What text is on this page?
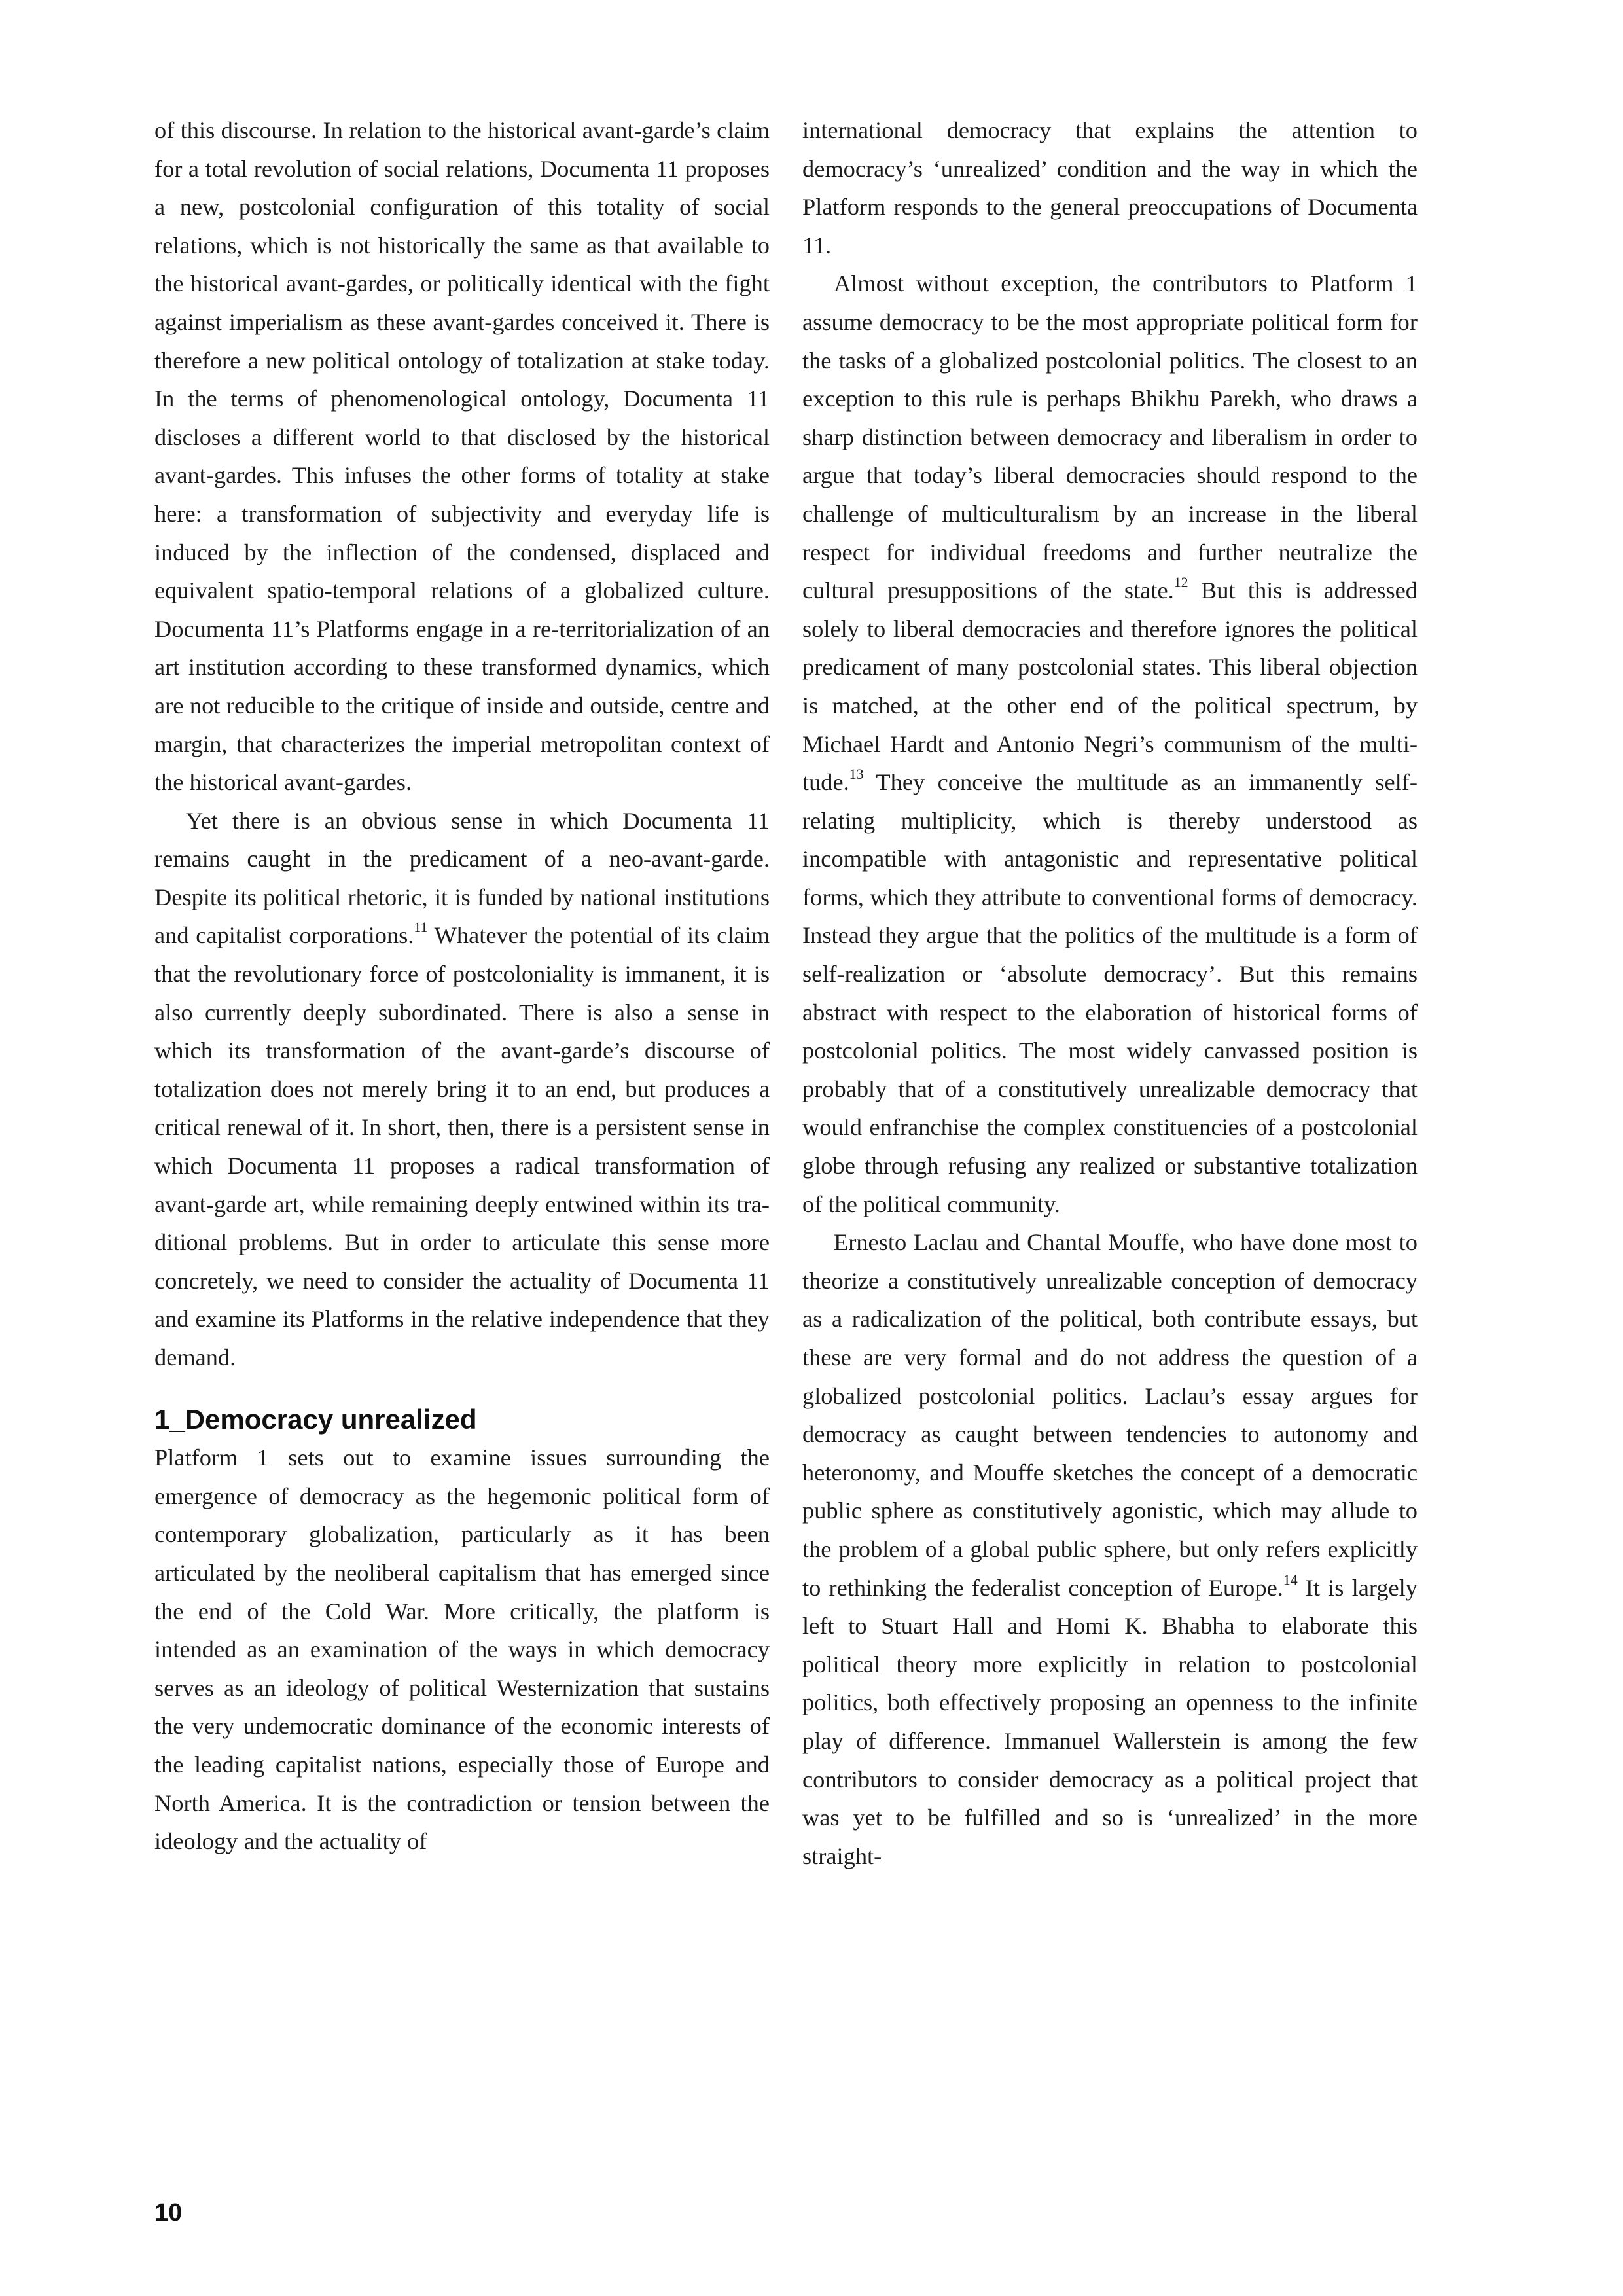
of this discourse. In relation to the historical avant-garde’s claim for a total revolution of social relations, Documenta 11 proposes a new, postcolonial configuration of this totality of social relations, which is not historically the same as that available to the historical avant-gardes, or politically identical with the fight against imperialism as these avant-gardes conceived it. There is therefore a new political ontology of totalization at stake today. In the terms of phenomenological ontology, Documenta 11 discloses a different world to that disclosed by the historical avant-gardes. This infuses the other forms of totality at stake here: a transformation of subjectivity and everyday life is induced by the inflection of the condensed, displaced and equivalent spatio-temporal relations of a globalized culture. Documenta 11’s Platforms engage in a re-territorialization of an art institution according to these transformed dynamics, which are not reducible to the critique of inside and outside, centre and margin, that characterizes the imperial metropolitan context of the historical avant-gardes.

Yet there is an obvious sense in which Documenta 11 remains caught in the predicament of a neo-avant-garde. Despite its political rhetoric, it is funded by national institutions and capitalist corporations.$^{11}$ Whatever the potential of its claim that the revolutionary force of postcoloniality is immanent, it is also currently deeply subordinated. There is also a sense in which its transformation of the avant-garde’s discourse of totalization does not merely bring it to an end, but produces a critical renewal of it. In short, then, there is a persistent sense in which Documenta 11 proposes a radical transformation of avant-garde art, while remaining deeply entwined within its traditional problems. But in order to articulate this sense more concretely, we need to consider the actuality of Documenta 11 and examine its Platforms in the relative independence that they demand.

1_Democracy unrealized

Platform 1 sets out to examine issues surrounding the emergence of democracy as the hegemonic political form of contemporary globalization, particularly as it has been articulated by the neoliberal capitalism that has emerged since the end of the Cold War. More critically, the platform is intended as an examination of the ways in which democracy serves as an ideology of political Westernization that sustains the very undemocratic dominance of the economic interests of the leading capitalist nations, especially those of Europe and North America. It is the contradiction or tension between the ideology and the actuality of

international democracy that explains the attention to democracy’s ‘unrealized’ condition and the way in which the Platform responds to the general preoccupations of Documenta 11.

Almost without exception, the contributors to Platform 1 assume democracy to be the most appropriate political form for the tasks of a globalized postcolonial politics. The closest to an exception to this rule is perhaps Bhikhu Parekh, who draws a sharp distinction between democracy and liberalism in order to argue that today’s liberal democracies should respond to the challenge of multiculturalism by an increase in the liberal respect for individual freedoms and further neutralize the cultural presuppositions of the state.$^{12}$ But this is addressed solely to liberal democracies and therefore ignores the political predicament of many postcolonial states. This liberal objection is matched, at the other end of the political spectrum, by Michael Hardt and Antonio Negri’s communism of the multitude.$^{13}$ They conceive the multitude as an immanently self-relating multiplicity, which is thereby understood as incompatible with antagonistic and representative political forms, which they attribute to conventional forms of democracy. Instead they argue that the politics of the multitude is a form of self-realization or ‘absolute democracy’. But this remains abstract with respect to the elaboration of historical forms of postcolonial politics. The most widely canvassed position is probably that of a constitutively unrealizable democracy that would enfranchise the complex constituencies of a postcolonial globe through refusing any realized or substantive totalization of the political community.

Ernesto Laclau and Chantal Mouffe, who have done most to theorize a constitutively unrealizable conception of democracy as a radicalization of the political, both contribute essays, but these are very formal and do not address the question of a globalized postcolonial politics. Laclau’s essay argues for democracy as caught between tendencies to autonomy and heteronomy, and Mouffe sketches the concept of a democratic public sphere as constitutively agonistic, which may allude to the problem of a global public sphere, but only refers explicitly to rethinking the federalist conception of Europe.$^{14}$ It is largely left to Stuart Hall and Homi K. Bhabha to elaborate this political theory more explicitly in relation to postcolonial politics, both effectively proposing an openness to the infinite play of difference. Immanuel Wallerstein is among the few contributors to consider democracy as a political project that was yet to be fulfilled and so is ‘unrealized’ in the more straight-

10
